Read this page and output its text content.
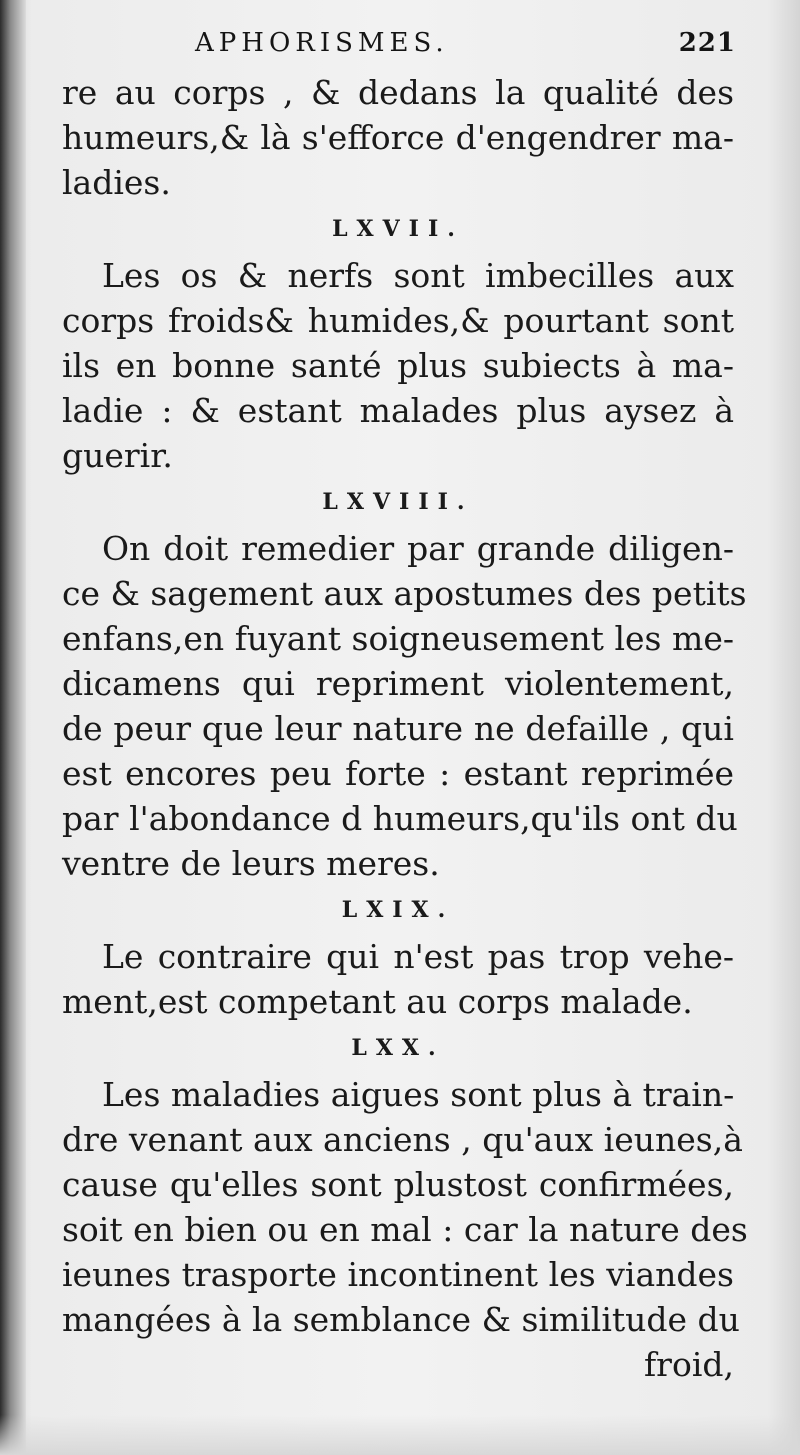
APHORISMES.	221
re au corps , & dedans la qualité des
humeurs,& là s'efforce d'engendrer ma-
ladies.
LXVII.
Les os & nerfs sont imbecilles aux
corps froids& humides,& pourtant sont
ils en bonne santé plus subiects à ma-
ladie : & estant malades plus aysez à
guerir.
LXVIII.
On doit remedier par grande diligen-
ce & sagement aux apostumes des petits
enfans,en fuyant soigneusement les me-
dicamens qui repriment violentement,
de peur que leur nature ne defaille , qui
est encores peu forte : estant reprimée
par l'abondance d humeurs,qu'ils ont du
ventre de leurs meres.
LXIX.
Le contraire qui n'est pas trop vehe-
ment,est competant au corps malade.
LXX.
Les maladies aigues sont plus à train-
dre venant aux anciens , qu'aux ieunes,à
cause qu'elles sont plustost confirmées,
soit en bien ou en mal : car la nature des
ieunes trasporte incontinent les viandes
mangées à la semblance & similitude du
froid,
